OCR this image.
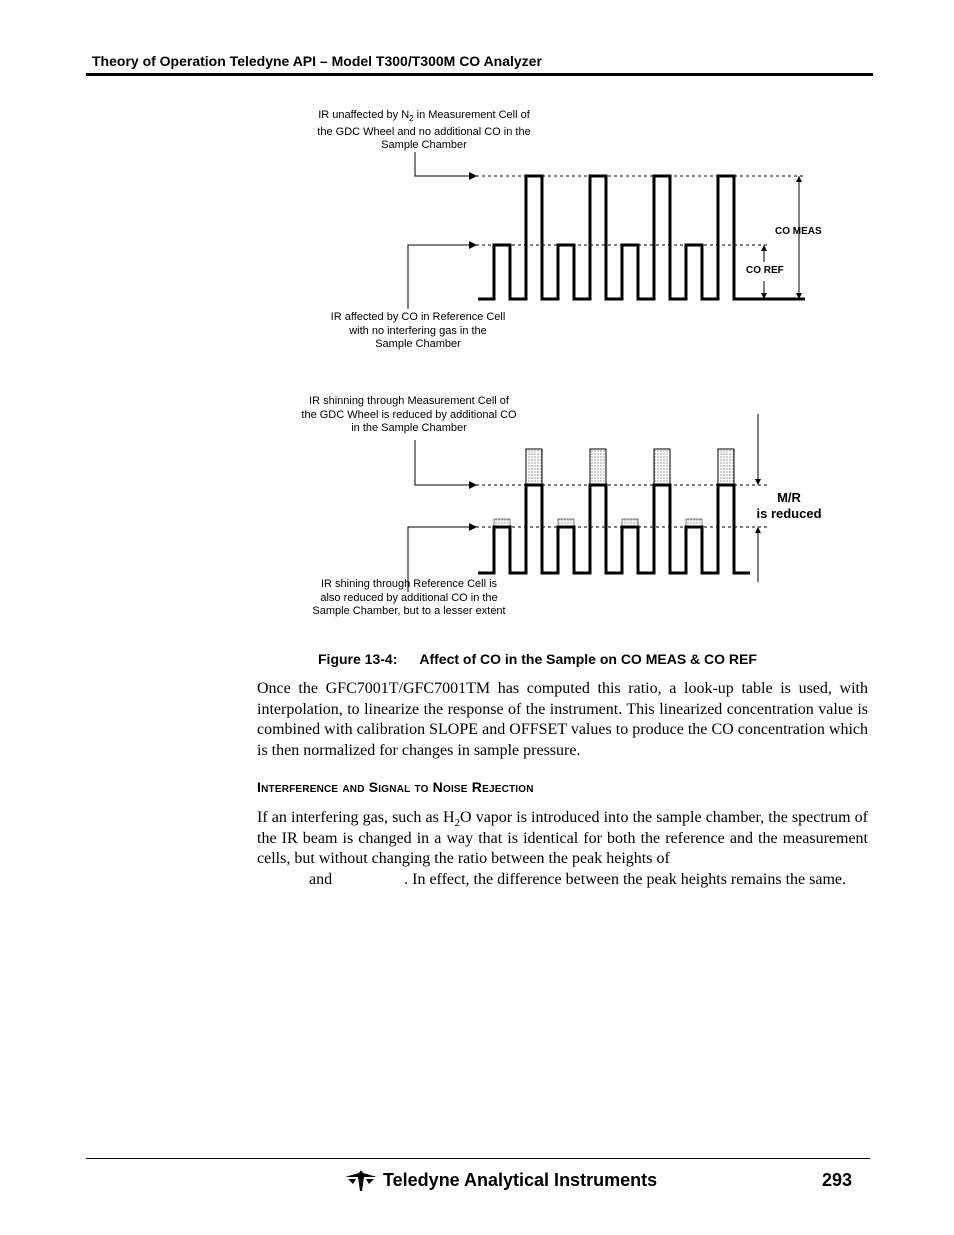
Theory of Operation Teledyne API – Model T300/T300M CO Analyzer
IR unaffected by $N_2$ in Measurement Cell of
the GDC Wheel and no additional CO in the
Sample Chamber
IR affected by CO in Reference Cell
with no interfering gas in the
Sample Chamber
CO MEAS
CO REF
IR shinning through Measurement Cell of
the GDC Wheel is reduced by additional CO
in the Sample Chamber
M/R
is reduced
IR shining through Reference Cell is
also reduced by additional CO in the
Sample Chamber, but to a lesser extent
Figure 13-4: Affect of CO in the Sample on CO MEAS & CO REF
Once the GFC7001T/GFC7001TM has computed this ratio, a look-up table is used, with interpolation, to linearize the response of the instrument. This linearized concentration value is combined with calibration SLOPE and OFFSET values to produce the CO concentration which is then normalized for changes in sample pressure.
Interference and Signal to Noise Rejection
If an interfering gas, such as $H_2O$ vapor is introduced into the sample chamber, the spectrum of the IR beam is changed in a way that is identical for both the reference and the measurement cells, but without changing the ratio between the peak heights of
and	. In effect, the difference between the peak heights remains the same.
Teledyne Analytical Instruments	293
